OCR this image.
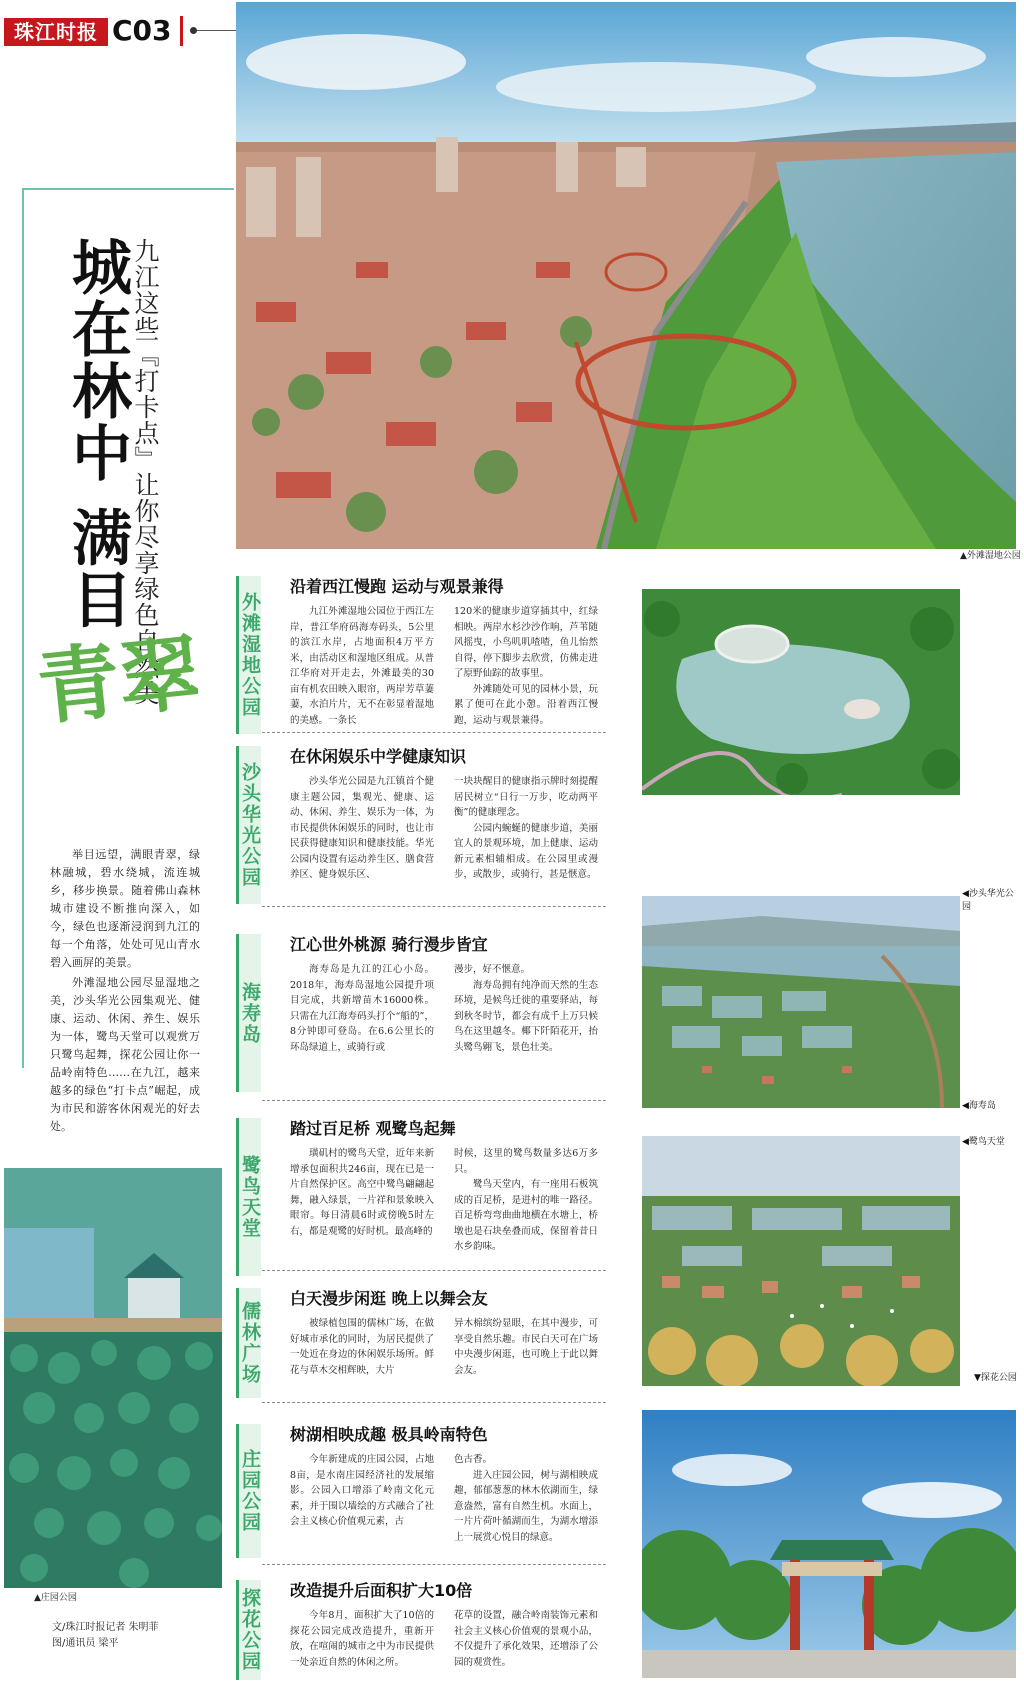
珠江时报 C03
▲外滩湿地公园
城在林中 满目 九江这些『打卡点』让你尽享绿色自然美
青翠

举目远望，满眼青翠，绿林融城，碧水绕城，流连城乡，移步换景。随着佛山森林城市建设不断推向深入，如今，绿色也逐渐浸润到九江的每一个角落，处处可见山青水碧入画屏的美景。

外滩湿地公园尽显湿地之美，沙头华光公园集观光、健康、运动、休闲、养生、娱乐为一体，鹭鸟天堂可以观赏万只鹭鸟起舞，探花公园让你一品岭南特色……在九江，越来越多的绿色“打卡点”崛起，成为市民和游客休闲观光的好去处。

▲庄园公园
文/珠江时报记者 朱明菲
图/通讯员 梁平
外滩湿地公园
沿着西江慢跑 运动与观景兼得

九江外滩湿地公园位于西江左岸，普江华府码海寿码头，5公里的滨江水岸，占地面积4万平方米，由活动区和湿地区组成。从普江华府对开走去，外滩最美的30亩有机农田映入眼帘，两岸芳草萋萋，水泊片片，无不在彰显着湿地的美感。一条长

120米的健康步道穿插其中，红绿相映。两岸水杉沙沙作响，芦苇随风摇曳，小鸟叽叽喳喳，鱼儿怡然自得，停下脚步去欣赏，仿佛走进了原野仙踪的故事里。
外滩随处可见的园林小景，玩累了便可在此小憩。沿着西江慢跑，运动与观景兼得。

沙头华光公园
在休闲娱乐中学健康知识

沙头华光公园是九江镇首个健康主题公园，集观光、健康、运动、休闲、养生、娱乐为一体，为市民提供休闲娱乐的同时，也让市民获得健康知识和健康技能。华光公园内设置有运动养生区、膳食营养区、健身娱乐区、

一块块醒目的健康指示牌时刻提醒居民树立“日行一万步，吃动两平衡”的健康理念。
公园内蜿蜒的健康步道，美丽宜人的景观环境，加上健康、运动新元素相辅相成。在公园里或漫步，或散步，或骑行，甚是惬意。

海寿岛
江心世外桃源 骑行漫步皆宜

海寿岛是九江的江心小岛。2018年，海寿岛湿地公园提升项目完成，共新增苗木16000株。只需在九江海寿码头打个“船的”，8分钟即可登岛。在6.6公里长的环岛绿道上，或骑行或

漫步，好不惬意。
海寿岛拥有纯净而天然的生态环境，是候鸟迁徙的重要驿站，每到秋冬时节，都会有成千上万只候鸟在这里越冬。椰下阡陌花开，抬头鹭鸟翱飞，景色壮美。

鹭鸟天堂
踏过百足桥 观鹭鸟起舞

璜矶村的鹭鸟天堂，近年来新增承包面积共246亩，现在已是一片自然保护区。高空中鹭鸟翩翩起舞，融入绿景，一片祥和景象映入眼帘。每日清晨6时或傍晚5时左右，都是观鹭的好时机。最高峰的

时候，这里的鹭鸟数量多达6万多只。
鹭鸟天堂内，有一座用石板筑成的百足桥，是进村的唯一路径。百足桥弯弯曲曲地横在水塘上，桥墩也是石块垒叠而成，保留着昔日水乡韵味。

儒林广场
白天漫步闲逛 晚上以舞会友

被绿植包围的儒林广场，在做好城市承化的同时，为居民提供了一处近在身边的休闲娱乐场所。鲜花与草木交相辉映，大片

异木棉缤纷显眼，在其中漫步，可享受自然乐趣。市民白天可在广场中央漫步闲逛，也可晚上于此以舞会友。

庄园公园
树湖相映成趣 极具岭南特色

今年新建成的庄园公园，占地8亩，是水南庄园经济社的发展缩影。公园入口增添了岭南文化元素，并于围以墙绘的方式融合了社会主义核心价值观元素，古

色古香。
进入庄园公园，树与湖相映成趣，郁郁葱葱的林木依湖而生，绿意盎然，富有自然生机。水面上，一片片荷叶循湖而生，为湖水增添上一展赏心悦目的绿意。

探花公园 改造提升后面积扩大10倍

今年8月，面积扩大了10倍的探花公园完成改造提升，重新开放，在喧闹的城市之中为市民提供一处亲近自然的休闲之所。

花草的设置，融合岭南装饰元素和社会主义核心价值观的景观小品，不仅提升了承化效果，还增添了公园的观赏性。

◀沙头华光公园
◀海寿岛
◀鹭鸟天堂
▼探花公园
